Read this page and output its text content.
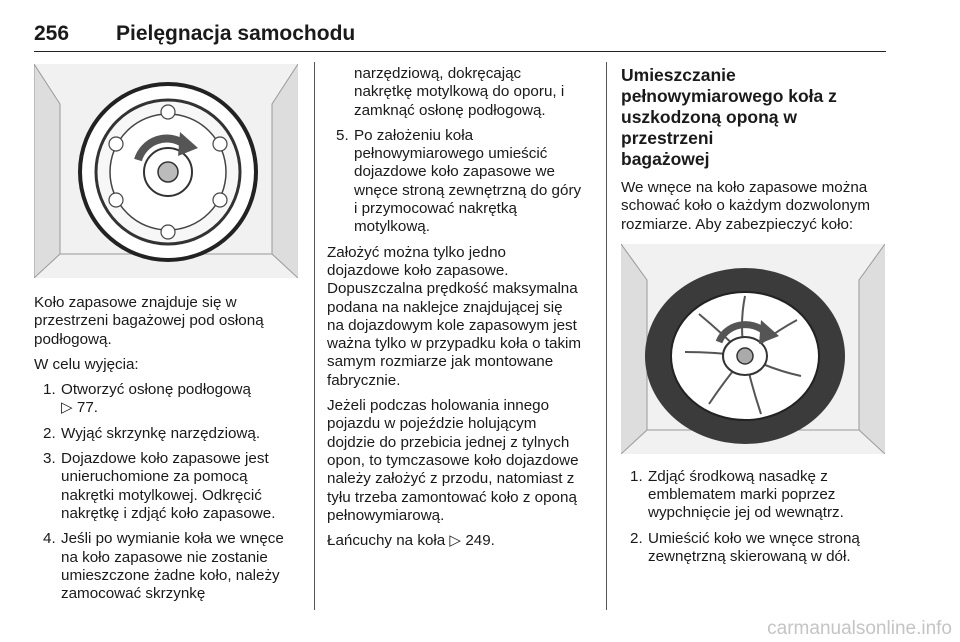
256 Pielęgnacja samochodu

Koło zapasowe znajduje się w
przestrzeni bagażowej pod osłoną
podłogową.

W celu wyjęcia:

1. Otworzyć osłonę podłogową
▷ 77.
2. Wyjąć skrzynkę narzędziową.
3. Dojazdowe koło zapasowe jest
unieruchomione za pomocą
nakrętki motylkowej. Odkręcić
nakrętkę i zdjąć koło zapasowe.
4. Jeśli po wymianie koła we wnęce
na koło zapasowe nie zostanie
umieszczone żadne koło, należy
zamocować skrzynkę
narzędziową, dokręcając
nakrętkę motylkową do oporu, i
zamknąć osłonę podłogową.
5. Po założeniu koła
pełnowymiarowego umieścić
dojazdowe koło zapasowe we
wnęce stroną zewnętrzną do góry
i przymocować nakrętką
motylkową.

Założyć można tylko jedno
dojazdowe koło zapasowe.
Dopuszczalna prędkość maksymalna
podana na naklejce znajdującej się
na dojazdowym kole zapasowym jest
ważna tylko w przypadku koła o takim
samym rozmiarze jak montowane
fabrycznie.

Jeżeli podczas holowania innego
pojazdu w pojeździe holującym
dojdzie do przebicia jednej z tylnych
opon, to tymczasowe koło dojazdowe
należy założyć z przodu, natomiast z
tyłu trzeba zamontować koło z oponą
pełnowymiarową.

Łańcuchy na koła ▷ 249.

Umieszczanie
pełnowymiarowego koła z
uszkodzoną oponą w przestrzeni
bagażowej

We wnęce na koło zapasowe można
schować koło o każdym dozwolonym
rozmiarze. Aby zabezpieczyć koło:

1. Zdjąć środkową nasadkę z
emblematem marki poprzez
wypchnięcie jej od wewnątrz.
2. Umieścić koło we wnęce stroną
zewnętrzną skierowaną w dół.
carmanualsonline.info
